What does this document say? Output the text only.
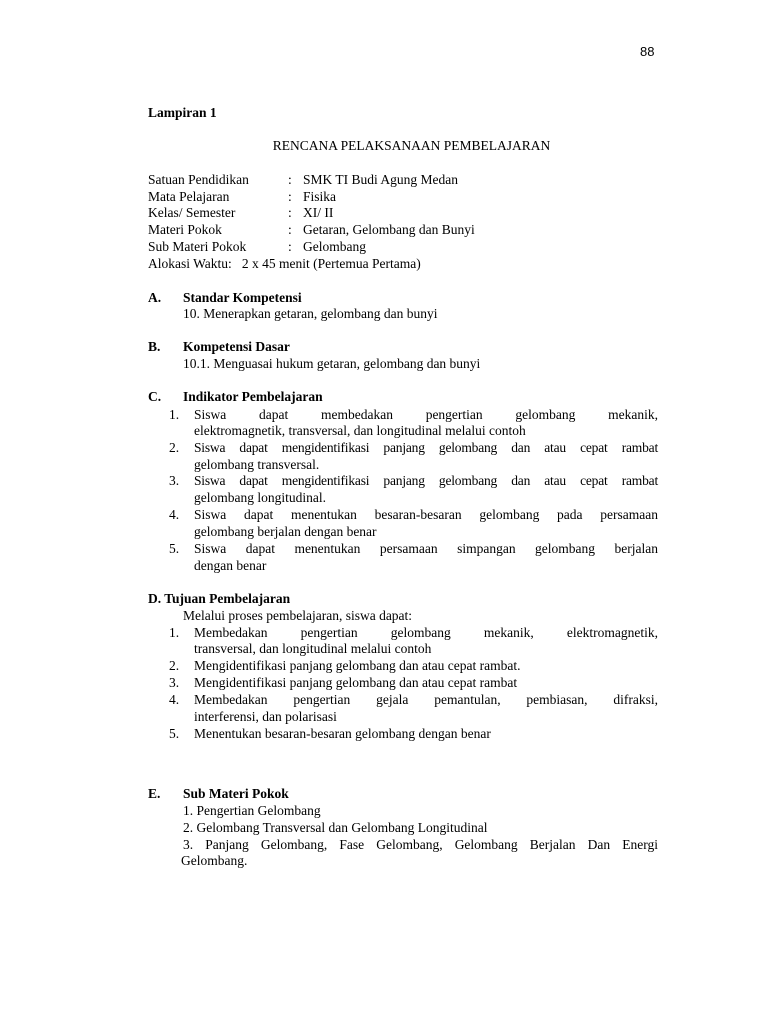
88
Lampiran 1
RENCANA PELAKSANAAN PEMBELAJARAN
Satuan Pendidikan	: SMK TI Budi Agung Medan
Mata Pelajaran	: Fisika
Kelas/ Semester	: XI/ II
Materi Pokok	: Getaran, Gelombang dan Bunyi
Sub Materi Pokok	: Gelombang
Alokasi Waktu: 2 x 45 menit (Pertemua Pertama)
A. Standar Kompetensi
10. Menerapkan getaran, gelombang dan bunyi
B. Kompetensi Dasar
10.1. Menguasai hukum getaran, gelombang dan bunyi
C. Indikator Pembelajaran
1. Siswa dapat membedakan pengertian gelombang mekanik,
elektromagnetik, transversal, dan longitudinal melalui contoh
2. Siswa dapat mengidentifikasi panjang gelombang dan atau cepat rambat
gelombang transversal.
3. Siswa dapat mengidentifikasi panjang gelombang dan atau cepat rambat
gelombang longitudinal.
4. Siswa dapat menentukan besaran-besaran gelombang pada persamaan
gelombang berjalan dengan benar
5. Siswa dapat menentukan persamaan simpangan gelombang berjalan
dengan benar
D. Tujuan Pembelajaran
Melalui proses pembelajaran, siswa dapat:
1. Membedakan pengertian gelombang mekanik, elektromagnetik,
transversal, dan longitudinal melalui contoh
2. Mengidentifikasi panjang gelombang dan atau cepat rambat.
3. Mengidentifikasi panjang gelombang dan atau cepat rambat
4. Membedakan pengertian gejala pemantulan, pembiasan, difraksi,
interferensi, dan polarisasi
5. Menentukan besaran-besaran gelombang dengan benar
E. Sub Materi Pokok
1. Pengertian Gelombang
2. Gelombang Transversal dan Gelombang Longitudinal
3. Panjang Gelombang, Fase Gelombang, Gelombang Berjalan Dan Energi
Gelombang.
